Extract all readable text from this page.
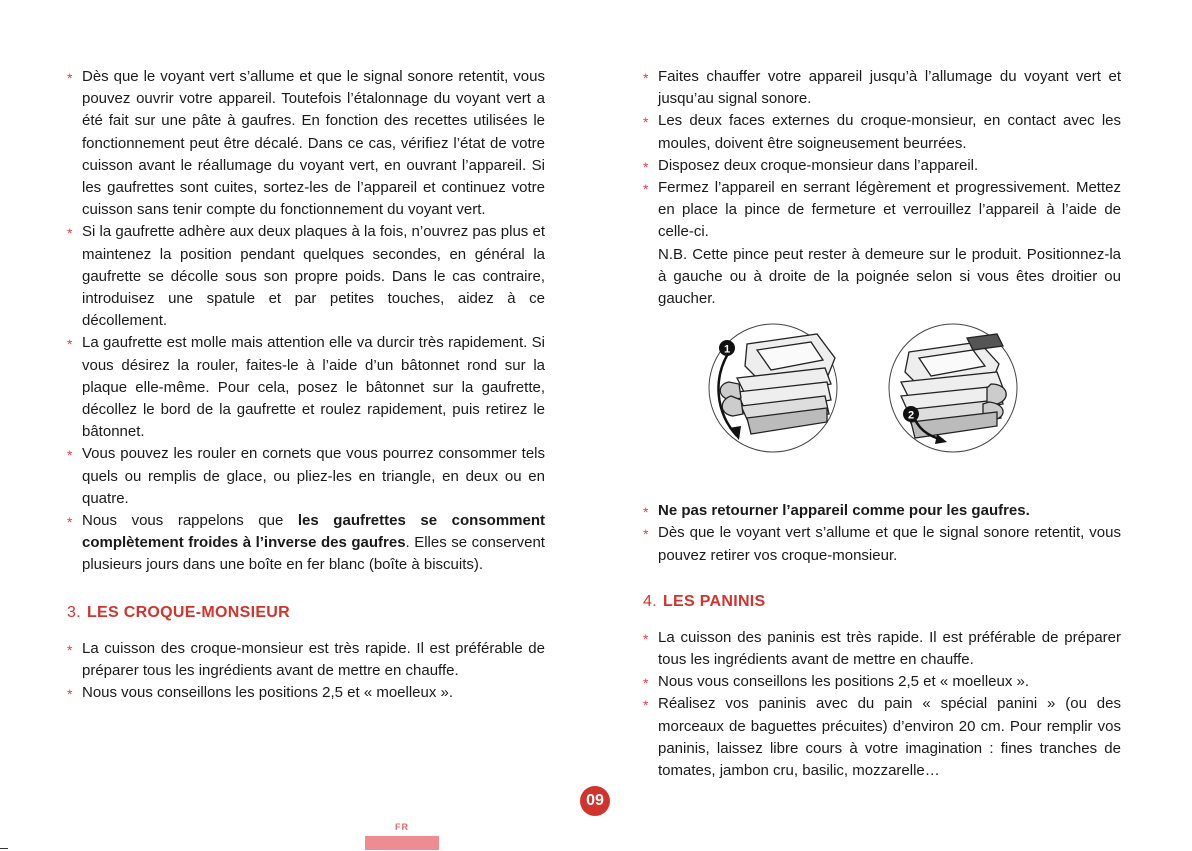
* Dès que le voyant vert s’allume et que le signal sonore retentit, vous pouvez ouvrir votre appareil. Toutefois l’étalonnage du voyant vert a été fait sur une pâte à gaufres. En fonction des recettes utilisées le fonctionnement peut être décalé. Dans ce cas, vérifiez l’état de votre cuisson avant le réallumage du voyant vert, en ouvrant l’appareil. Si les gaufrettes sont cuites, sortez-les de l’appareil et continuez votre cuisson sans tenir compte du fonctionnement du voyant vert.
* Si la gaufrette adhère aux deux plaques à la fois, n’ouvrez pas plus et maintenez la position pendant quelques secondes, en général la gaufrette se décolle sous son propre poids. Dans le cas contraire, introduisez une spatule et par petites touches, aidez à ce décollement.
* La gaufrette est molle mais attention elle va durcir très rapidement. Si vous désirez la rouler, faites-le à l’aide d’un bâtonnet rond sur la plaque elle-même. Pour cela, posez le bâtonnet sur la gaufrette, décollez le bord de la gaufrette et roulez rapidement, puis retirez le bâtonnet.
* Vous pouvez les rouler en cornets que vous pourrez consommer tels quels ou remplis de glace, ou pliez-les en triangle, en deux ou en quatre.
* Nous vous rappelons que les gaufrettes se consomment complètement froides à l’inverse des gaufres. Elles se conservent plusieurs jours dans une boîte en fer blanc (boîte à biscuits).
3. LES CROQUE-MONSIEUR
* La cuisson des croque-monsieur est très rapide. Il est préférable de préparer tous les ingrédients avant de mettre en chauffe.
* Nous vous conseillons les positions 2,5 et « moelleux ».
* Faites chauffer votre appareil jusqu’à l’allumage du voyant vert et jusqu’au signal sonore.
* Les deux faces externes du croque-monsieur, en contact avec les moules, doivent être soigneusement beurrées.
* Disposez deux croque-monsieur dans l’appareil.
* Fermez l’appareil en serrant légèrement et progressivement. Mettez en place la pince de fermeture et verrouillez l’appareil à l’aide de celle-ci.
N.B. Cette pince peut rester à demeure sur le produit. Positionnez-la à gauche ou à droite de la poignée selon si vous êtes droitier ou gaucher.
1
2
* Ne pas retourner l’appareil comme pour les gaufres.
* Dès que le voyant vert s’allume et que le signal sonore retentit, vous pouvez retirer vos croque-monsieur.
4. LES PANINIS
* La cuisson des paninis est très rapide. Il est préférable de préparer tous les ingrédients avant de mettre en chauffe.
* Nous vous conseillons les positions 2,5 et « moelleux ».
* Réalisez vos paninis avec du pain « spécial panini » (ou des morceaux de baguettes précuites) d’environ 20 cm. Pour remplir vos paninis, laissez libre cours à votre imagination : fines tranches de tomates, jambon cru, basilic, mozzarelle…
09
FR
